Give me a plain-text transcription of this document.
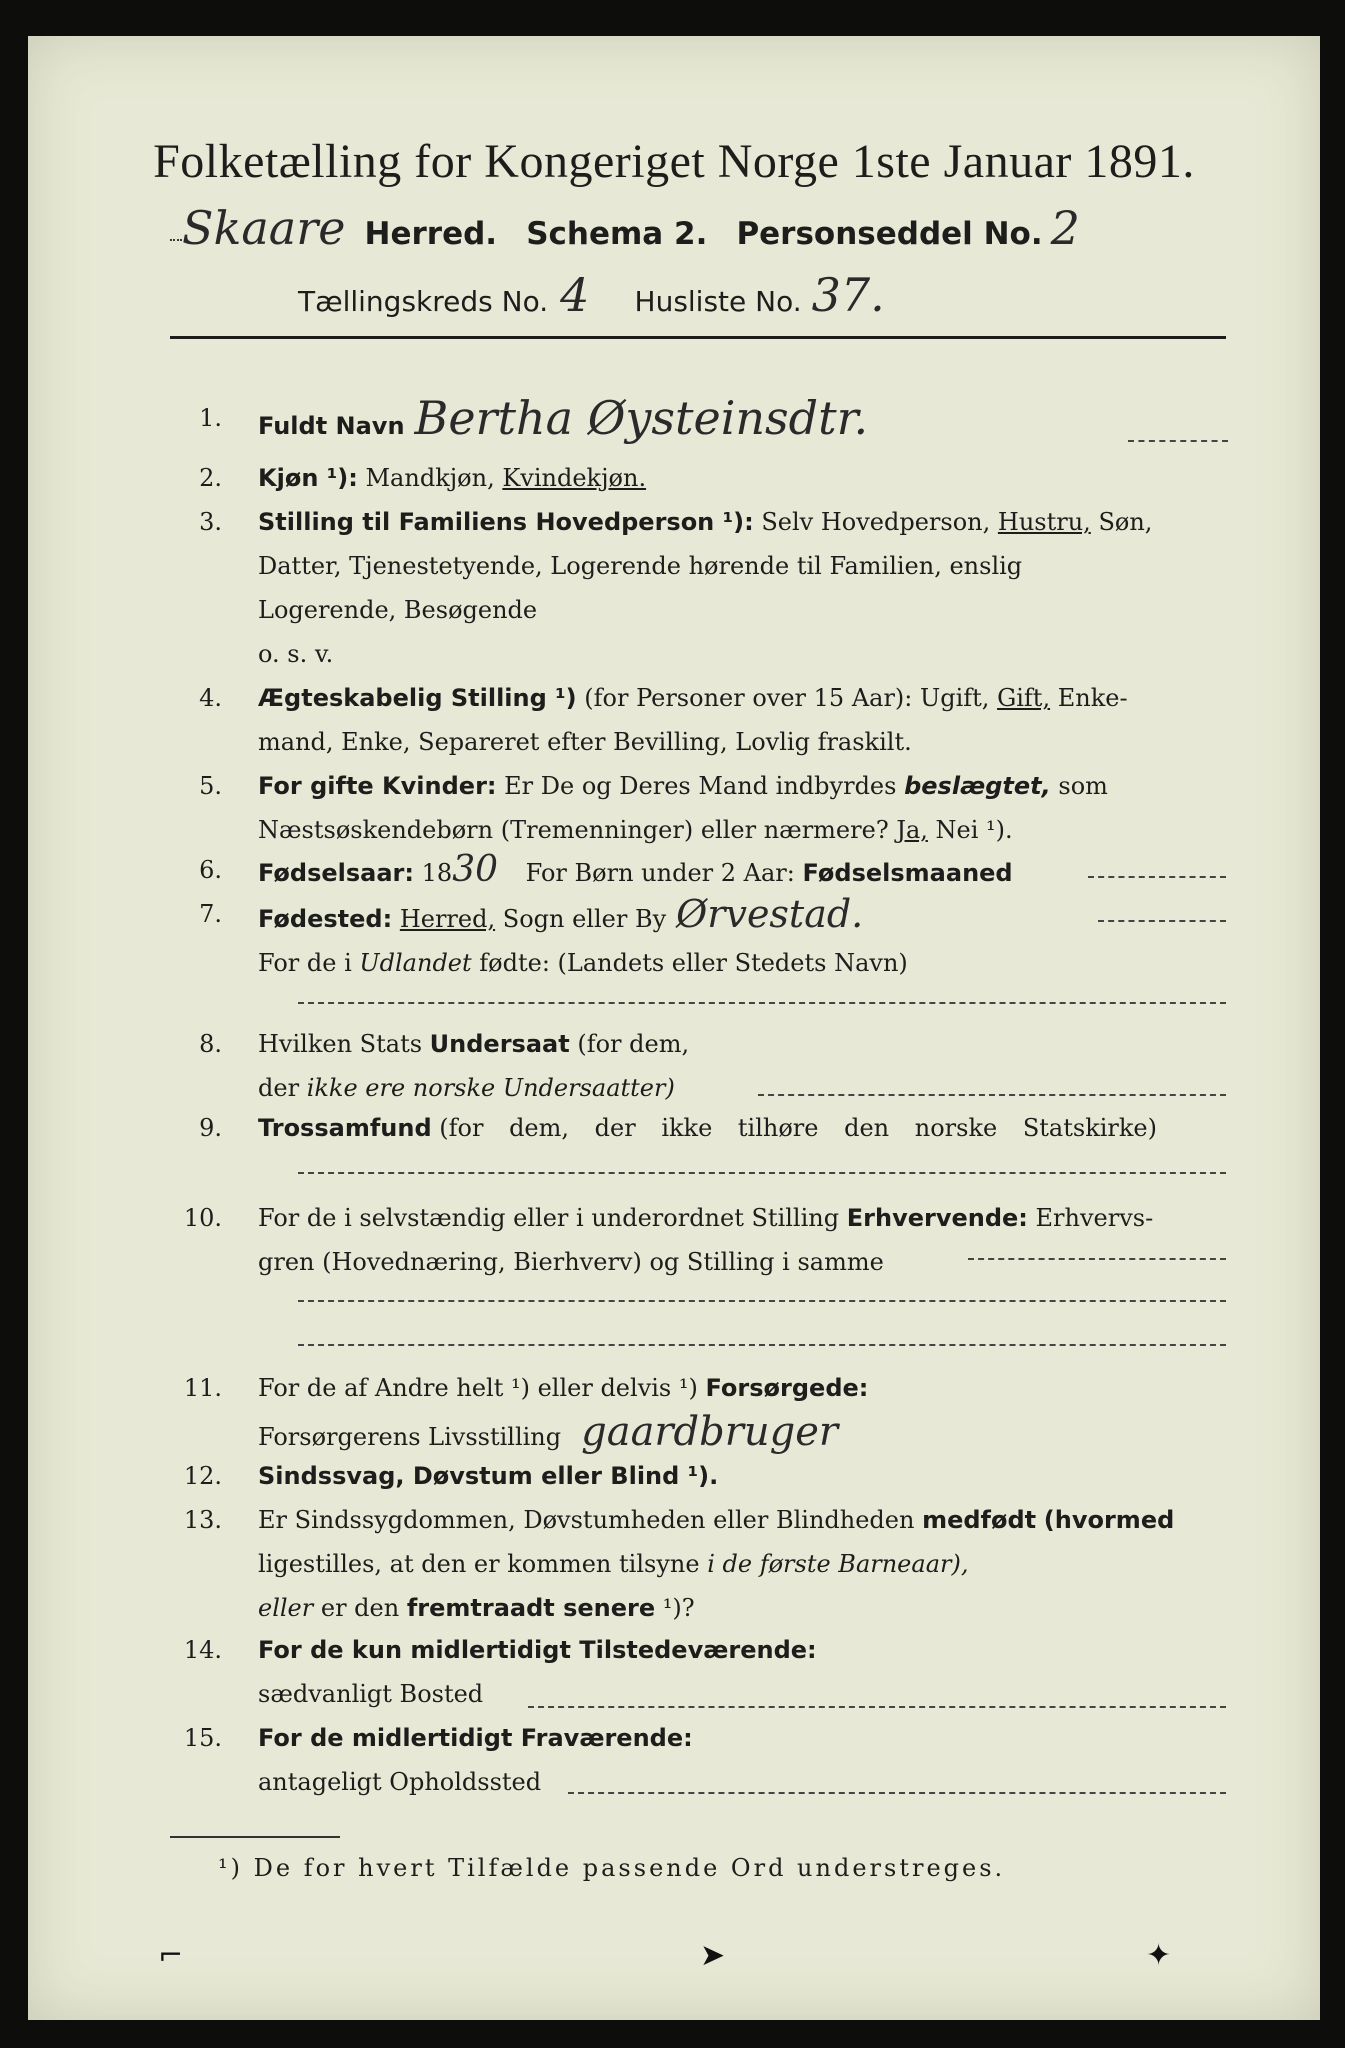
Folketælling for Kongeriget Norge 1ste Januar 1891.
Skaare Herred. Schema 2. Personseddel No. 2
Tællingskreds No. 4 Husliste No. 37.
1. Fuldt Navn Bertha Øysteinsdtr.
2. Kjøn ¹): Mandkjøn, Kvindekjøn.
3. Stilling til Familiens Hovedperson ¹): Selv Hovedperson, Hustru, Søn,
Datter, Tjenestetyende, Logerende hørende til Familien, enslig
Logerende, Besøgende
o. s. v.
4. Ægteskabelig Stilling ¹) (for Personer over 15 Aar): Ugift, Gift, Enke-
mand, Enke, Separeret efter Bevilling, Lovlig fraskilt.
5. For gifte Kvinder: Er De og Deres Mand indbyrdes beslægtet, som
Næstsøskendebørn (Tremenninger) eller nærmere? Ja, Nei ¹).
6. Fødselsaar: 1830 For Børn under 2 Aar: Fødselsmaaned
7. Fødested: Herred, Sogn eller By Ørvestad.
For de i Udlandet fødte: (Landets eller Stedets Navn)
8. Hvilken Stats Undersaat (for dem,
der ikke ere norske Undersaatter)
9. Trossamfund (for dem, der ikke tilhøre den norske Statskirke)
10. For de i selvstændig eller i underordnet Stilling Erhvervende: Erhvervs-
gren (Hovednæring, Bierhverv) og Stilling i samme
11. For de af Andre helt ¹) eller delvis ¹) Forsørgede:
Forsørgerens Livsstilling gaardbruger
12. Sindssvag, Døvstum eller Blind ¹).
13. Er Sindssygdommen, Døvstumheden eller Blindheden medfødt (hvormed
ligestilles, at den er kommen tilsyne i de første Barneaar),
eller er den fremtraadt senere ¹)?
14. For de kun midlertidigt Tilstedeværende:
sædvanligt Bosted
15. For de midlertidigt Fraværende:
antageligt Opholdssted
¹) De for hvert Tilfælde passende Ord understreges.
⌐	➤	✦
